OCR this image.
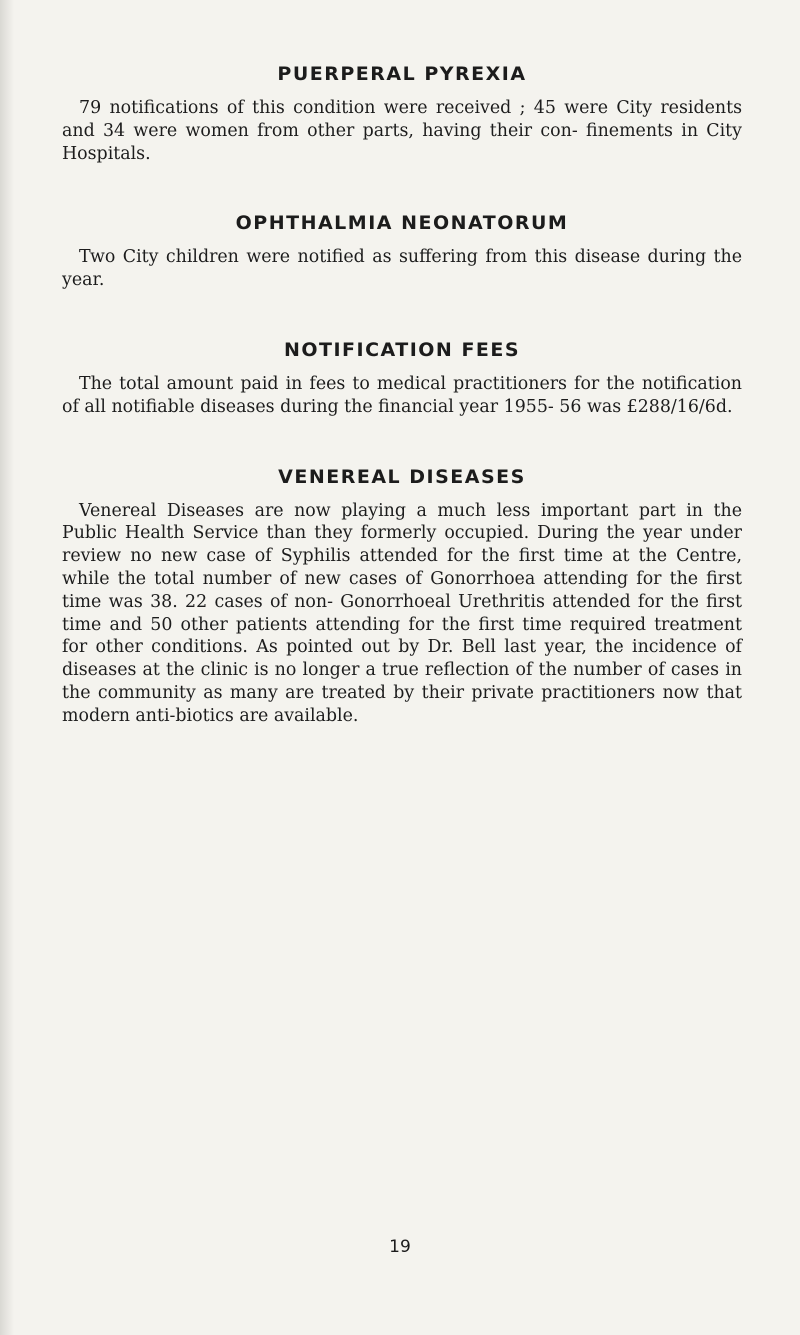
PUERPERAL PYREXIA

79 notifications of this condition were received ; 45 were City residents and 34 were women from other parts, having their con- finements in City Hospitals.

OPHTHALMIA NEONATORUM

Two City children were notified as suffering from this disease during the year.

NOTIFICATION FEES

The total amount paid in fees to medical practitioners for the notification of all notifiable diseases during the financial year 1955- 56 was £288/16/6d.

VENEREAL DISEASES

Venereal Diseases are now playing a much less important part in the Public Health Service than they formerly occupied. During the year under review no new case of Syphilis attended for the first time at the Centre, while the total number of new cases of Gonorrhoea attending for the first time was 38. 22 cases of non- Gonorrhoeal Urethritis attended for the first time and 50 other patients attending for the first time required treatment for other conditions. As pointed out by Dr. Bell last year, the incidence of diseases at the clinic is no longer a true reflection of the number of cases in the community as many are treated by their private practitioners now that modern anti-biotics are available.

19
